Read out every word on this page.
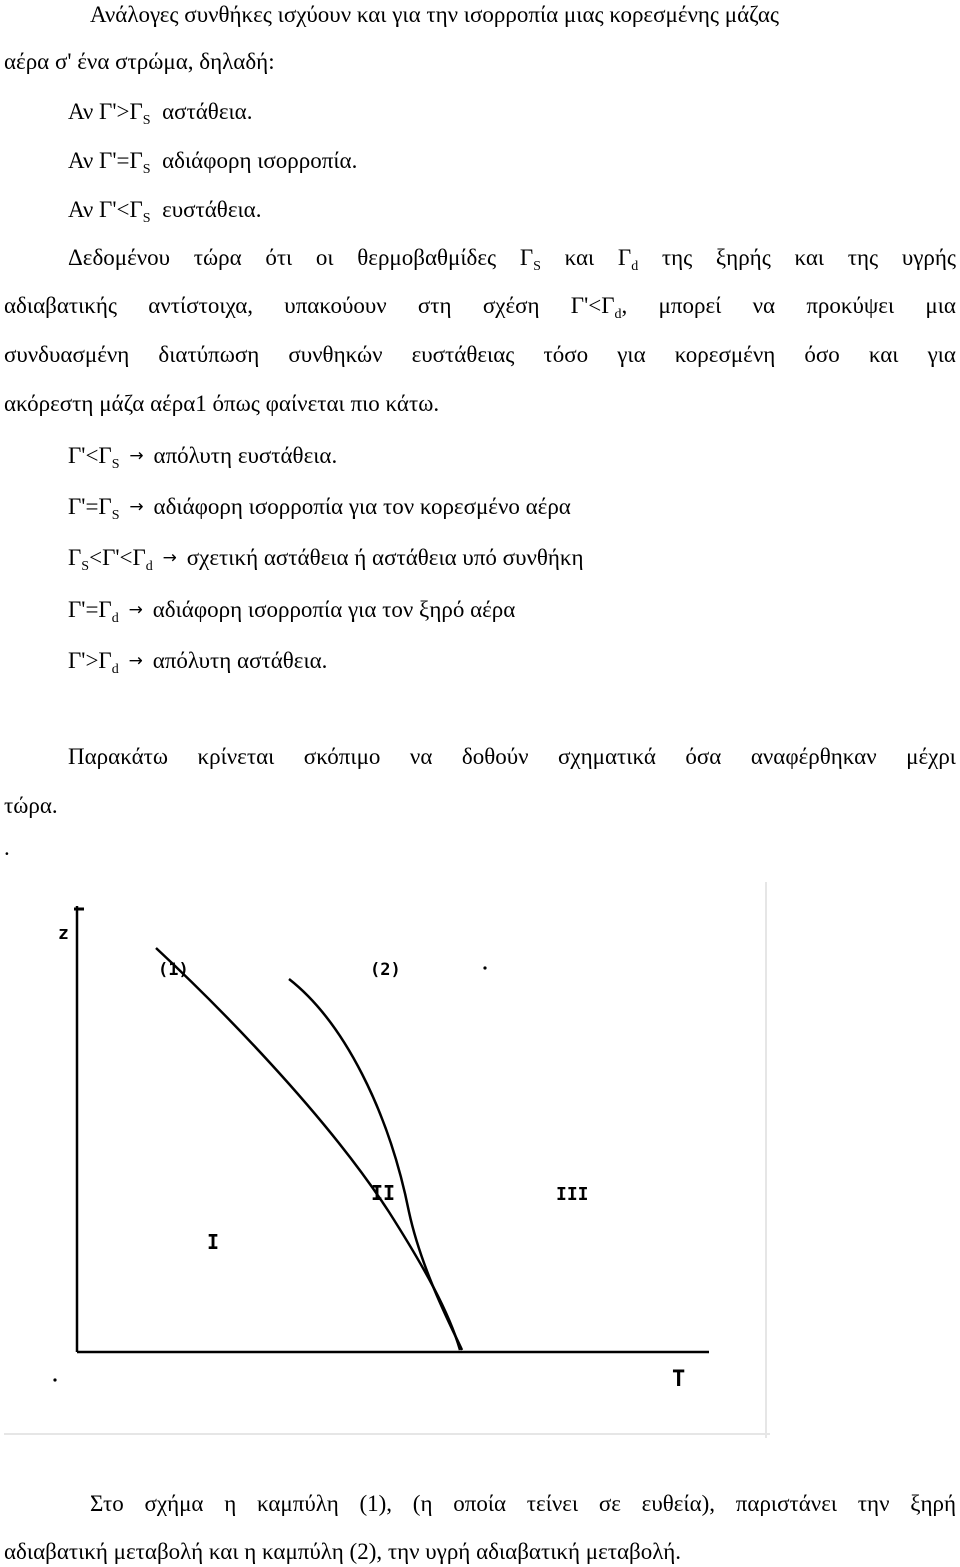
Ανάλογες συνθήκες ισχύουν και για την ισορροπία μιας κορεσμένης μάζας
αέρα σ' ένα στρώμα, δηλαδή:
Αν $\Gamma'>\Gamma_S$ αστάθεια.
Αν $\Gamma'=\Gamma_S$ αδιάφορη ισορροπία.
Αν $\Gamma'<\Gamma_S$ ευστάθεια.
Δεδομένου τώρα ότι οι θερμοβαθμίδες $\Gamma_S$ και $\Gamma_d$ της ξηρής και της υγρής
αδιαβατικής αντίστοιχα, υπακούουν στη σχέση $\Gamma'<\Gamma_d$, μπορεί να προκύψει μια
συνδυασμένη διατύπωση συνθηκών ευστάθειας τόσο για κορεσμένη όσο και για
ακόρεστη μάζα αέρα1 όπως φαίνεται πιο κάτω.
$\Gamma'<\Gamma_S \to \alpha\pi ό\lambda\upsilon\tau\eta$ ευστάθεια.
$\Gamma'=\Gamma_S \to \alpha\delta\iota ά\varphi o\rho\eta$ ισορροπία για τον κορεσμένο αέρα
$\Gamma_S<\Gamma'<\Gamma_d \to \sigma\chi\varepsilon\tau\iota\kappa ή$ αστάθεια ή αστάθεια υπό συνθήκη
$\Gamma'=\Gamma_d \to \alpha\delta\iota ά\varphi o\rho\eta$ ισορροπία για τον ξηρό αέρα
$\Gamma'>\Gamma_d \to \alpha\pi ό\lambda\upsilon\tau\eta$ αστάθεια.
Παρακάτω κρίνεται σκόπιμο να δοθούν σχηματικά όσα αναφέρθηκαν μέχρι
τώρα.
.
z
T
(1)	(2)
I
II	III
Στο σχήμα η καμπύλη (1), (η οποία τείνει σε ευθεία), παριστάνει την ξηρή
αδιαβατική μεταβολή και η καμπύλη (2), την υγρή αδιαβατική μεταβολή.
